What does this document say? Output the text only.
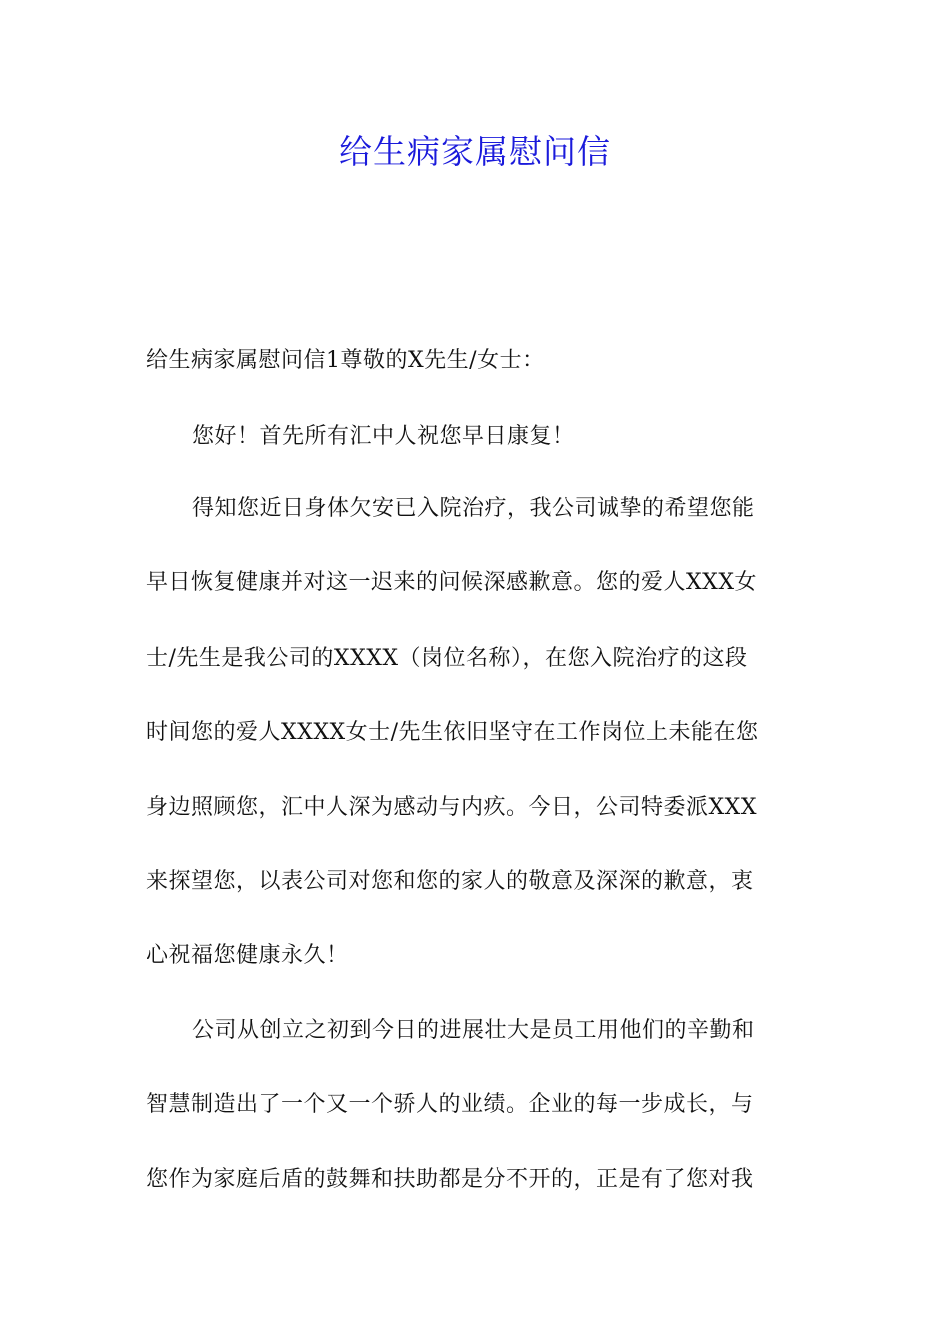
给生病家属慰问信
给生病家属慰问信1尊敬的X先生/女士：
您好！首先所有汇中人祝您早日康复！
得知您近日身体欠安已入院治疗，我公司诚挚的希望您能
早日恢复健康并对这一迟来的问候深感歉意。您的爱人XXX女
士/先生是我公司的XXXX（岗位名称），在您入院治疗的这段
时间您的爱人XXXX女士/先生依旧坚守在工作岗位上未能在您
身边照顾您，汇中人深为感动与内疚。今日，公司特委派XXX
来探望您，以表公司对您和您的家人的敬意及深深的歉意，衷
心祝福您健康永久！
公司从创立之初到今日的进展壮大是员工用他们的辛勤和
智慧制造出了一个又一个骄人的业绩。企业的每一步成长，与
您作为家庭后盾的鼓舞和扶助都是分不开的，正是有了您对我
